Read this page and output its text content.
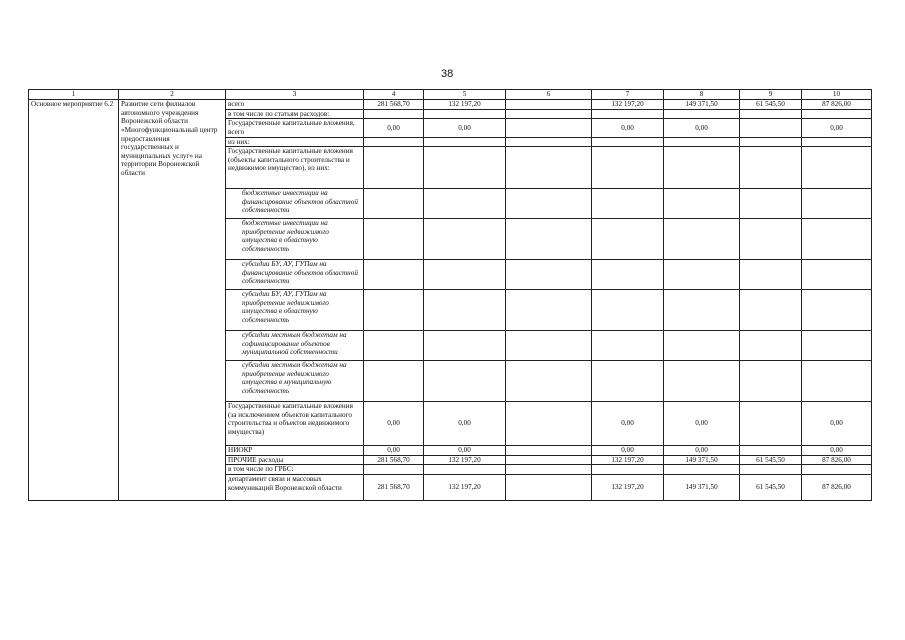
38
1	2	3	4	5	6	7	8	9	10
Основное мероприятие 6.2	Развитие сети филиалов автономного учреждения Воронежской области «Многофункциональный центр предоставления государственных и муниципальных услуг» на территории Воронежской области	всего	281 568,70	132 197,20		132 197,20	149 371,50	61 545,50	87 826,00
		в том числе по статьям расходов:							
		Государственные капитальные вложения, всего	0,00	0,00		0,00	0,00		0,00
		из них:							
		Государственные капитальные вложения (объекты капитального строительства и недвижимое имущество), из них:							
		бюджетные инвестиции на финансирование объектов областной собственности							
		бюджетные инвестиции на приобретение недвижимого имущества в областную собственность							
		субсидии БУ, АУ, ГУПам на финансирование объектов областной собственности							
		субсидии БУ, АУ, ГУПам на приобретение недвижимого имущества в областную собственность							
		субсидии местным бюджетам на софинансирование объектов муниципальной собственности							
		субсидии местным бюджетам на приобретение недвижимого имущества в муниципальную собственность							
		Государственные капитальные вложения (за исключением объектов капитального строительства и объектов недвижимого имущества)	0,00	0,00		0,00	0,00		0,00
		НИОКР	0,00	0,00		0,00	0,00		0,00
		ПРОЧИЕ расходы	281 568,70	132 197,20		132 197,20	149 371,50	61 545,50	87 826,00
		в том числе по ГРБС:							
		департамент связи и массовых коммуникаций Воронежской области	281 568,70	132 197,20		132 197,20	149 371,50	61 545,50	87 826,00
